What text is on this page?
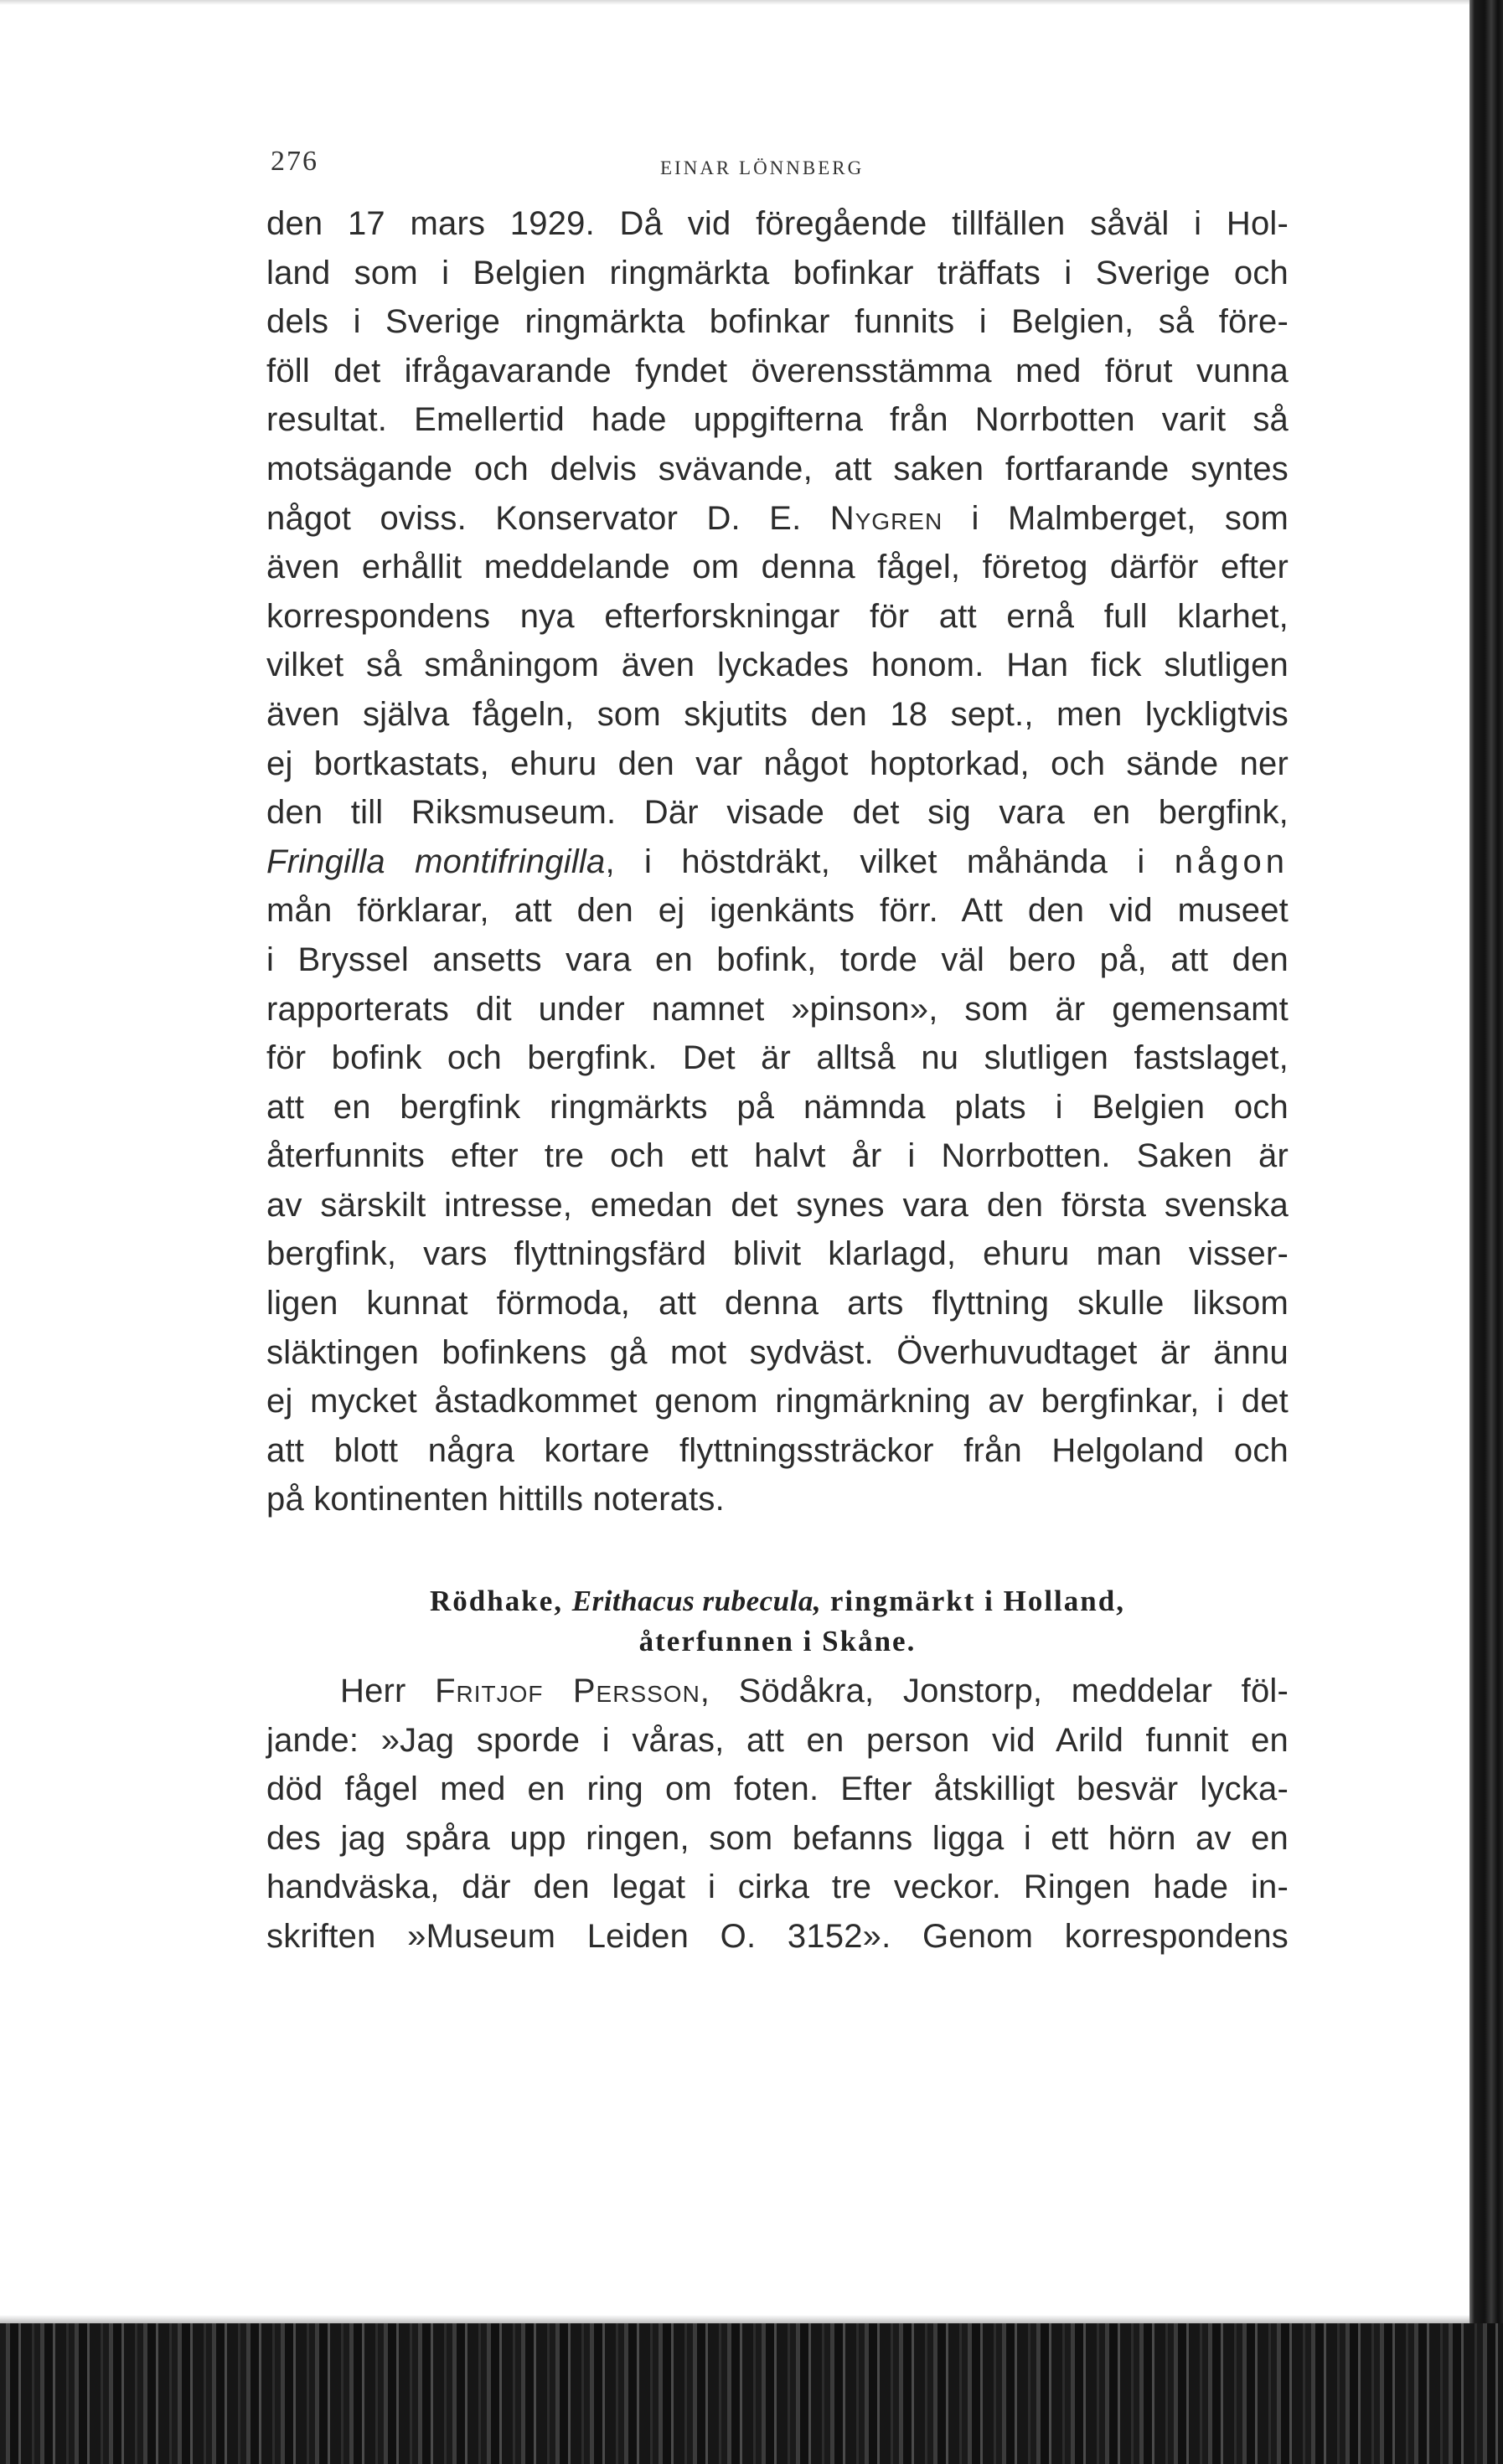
276	EINAR LÖNNBERG
den 17 mars 1929. Då vid föregående tillfällen såväl i Hol-
land som i Belgien ringmärkta bofinkar träffats i Sverige och
dels i Sverige ringmärkta bofinkar funnits i Belgien, så före-
föll det ifrågavarande fyndet överensstämma med förut vunna
resultat. Emellertid hade uppgifterna från Norrbotten varit så
motsägande och delvis svävande, att saken fortfarande syntes
något oviss. Konservator D. E. Nygren i Malmberget, som
även erhållit meddelande om denna fågel, företog därför efter
korrespondens nya efterforskningar för att ernå full klarhet,
vilket så småningom även lyckades honom. Han fick slutligen
även själva fågeln, som skjutits den 18 sept., men lyckligtvis
ej bortkastats, ehuru den var något hoptorkad, och sände ner
den till Riksmuseum. Där visade det sig vara en bergfink,
Fringilla montifringilla, i höstdräkt, vilket måhända i någon
mån förklarar, att den ej igenkänts förr. Att den vid museet
i Bryssel ansetts vara en bofink, torde väl bero på, att den
rapporterats dit under namnet »pinson», som är gemensamt
för bofink och bergfink. Det är alltså nu slutligen fastslaget,
att en bergfink ringmärkts på nämnda plats i Belgien och
återfunnits efter tre och ett halvt år i Norrbotten. Saken är
av särskilt intresse, emedan det synes vara den första svenska
bergfink, vars flyttningsfärd blivit klarlagd, ehuru man visser-
ligen kunnat förmoda, att denna arts flyttning skulle liksom
släktingen bofinkens gå mot sydväst. Överhuvudtaget är ännu
ej mycket åstadkommet genom ringmärkning av bergfinkar, i det
att blott några kortare flyttningssträckor från Helgoland och
på kontinenten hittills noterats.
Rödhake, Erithacus rubecula, ringmärkt i Holland,
återfunnen i Skåne.
Herr Fritjof Persson, Södåkra, Jonstorp, meddelar föl-
jande: »Jag sporde i våras, att en person vid Arild funnit en
död fågel med en ring om foten. Efter åtskilligt besvär lycka-
des jag spåra upp ringen, som befanns ligga i ett hörn av en
handväska, där den legat i cirka tre veckor. Ringen hade in-
skriften »Museum Leiden O. 3152». Genom korrespondens
